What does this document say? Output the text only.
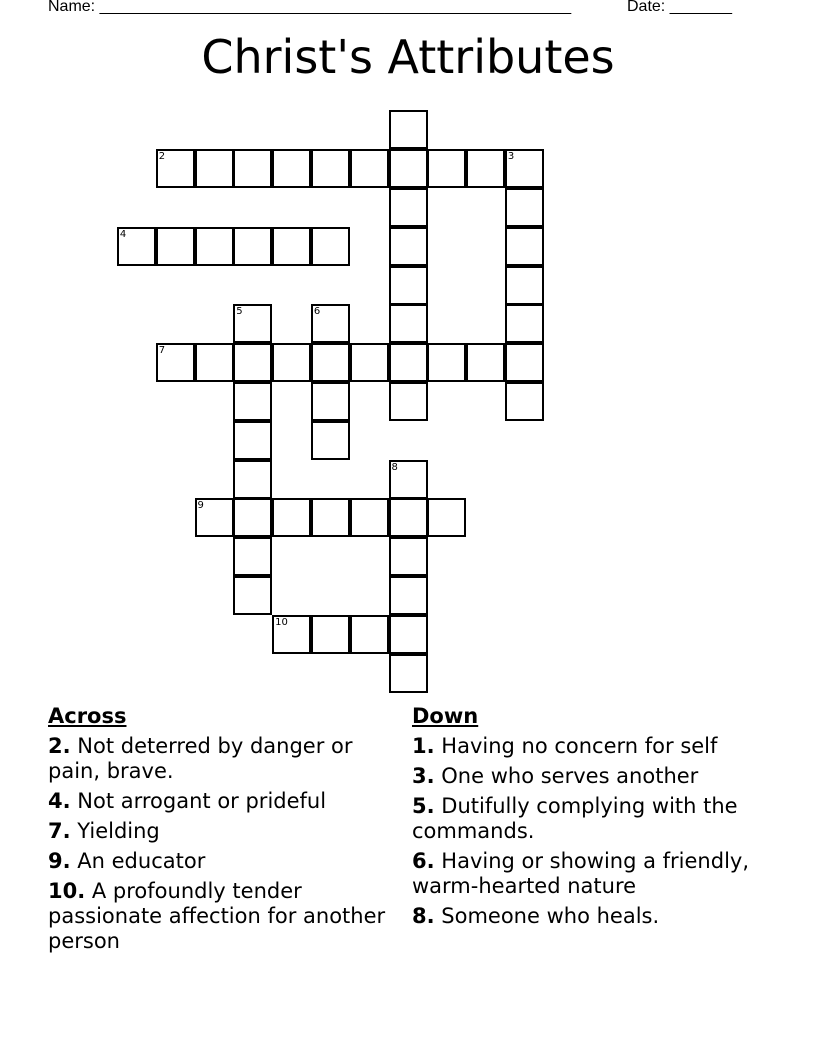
Name: _____________________________________________________	Date: _______
Christ's Attributes
2	3
4
5	6
7
8
9
10
Across
2. Not deterred by danger or pain, brave.
4. Not arrogant or prideful
7. Yielding
9. An educator
10. A profoundly tender passionate affection for another person
Down
1. Having no concern for self
3. One who serves another
5. Dutifully complying with the commands.
6. Having or showing a friendly, warm-hearted nature
8. Someone who heals.
